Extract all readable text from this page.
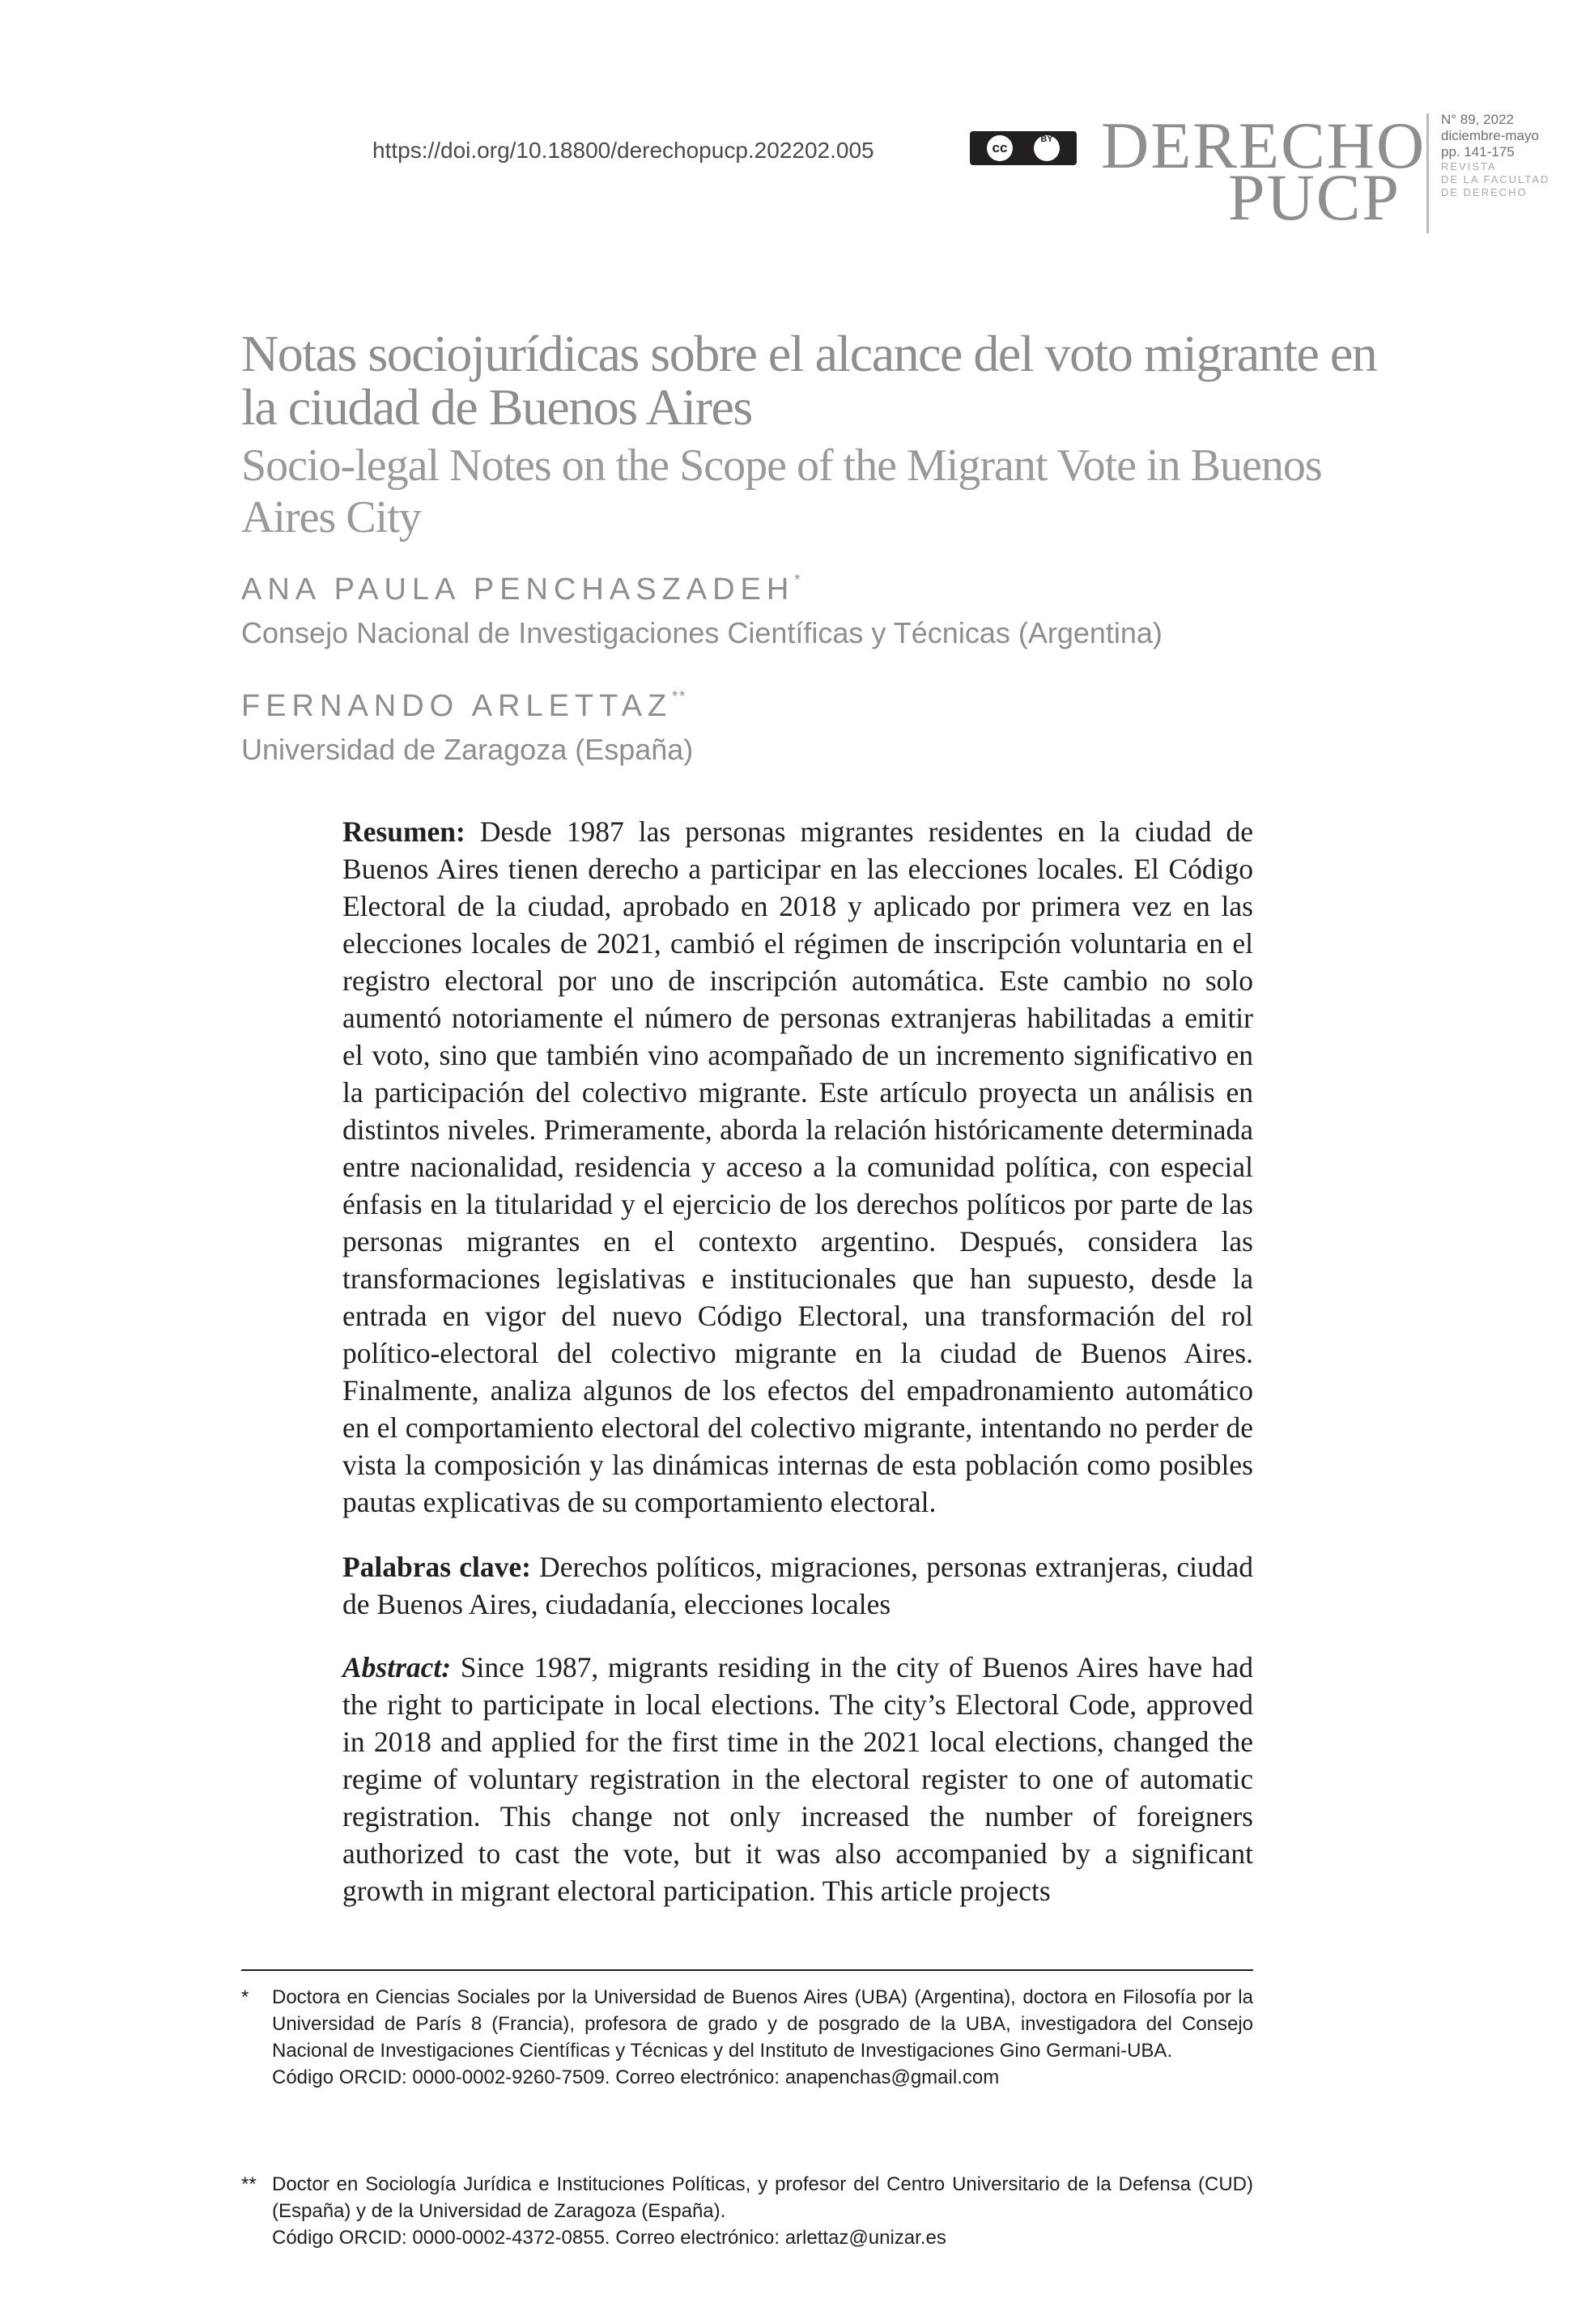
https://doi.org/10.18800/derechopucp.202202.005	cc
BY DERECHO
PUCP
N° 89, 2022
diciembre-mayo
pp. 141-175
REVISTA
DE LA FACULTAD
DE DERECHO
Notas sociojurídicas sobre el alcance del voto migrante en la ciudad de Buenos Aires
Socio-legal Notes on the Scope of the Migrant Vote in Buenos Aires City
ANA PAULA PENCHASZADEH*
Consejo Nacional de Investigaciones Científicas y Técnicas (Argentina)
FERNANDO ARLETTAZ**
Universidad de Zaragoza (España)
Resumen: Desde 1987 las personas migrantes residentes en la ciudad de Buenos Aires tienen derecho a participar en las elecciones locales. El Código Electoral de la ciudad, aprobado en 2018 y aplicado por primera vez en las elecciones locales de 2021, cambió el régimen de inscripción voluntaria en el registro electoral por uno de inscripción automática. Este cambio no solo aumentó notoriamente el número de personas extranjeras habilitadas a emitir el voto, sino que también vino acompañado de un incremento significativo en la participación del colectivo migrante. Este artículo proyecta un análisis en distintos niveles. Primeramente, aborda la relación históricamente determinada entre nacionalidad, residencia y acceso a la comunidad política, con especial énfasis en la titularidad y el ejercicio de los derechos políticos por parte de las personas migrantes en el contexto argentino. Después, considera las transformaciones legislativas e institucionales que han supuesto, desde la entrada en vigor del nuevo Código Electoral, una transformación del rol político-electoral del colectivo migrante en la ciudad de Buenos Aires. Finalmente, analiza algunos de los efectos del empadronamiento automático en el comportamiento electoral del colectivo migrante, intentando no perder de vista la composición y las dinámicas internas de esta población como posibles pautas explicativas de su comportamiento electoral.
Palabras clave: Derechos políticos, migraciones, personas extranjeras, ciudad de Buenos Aires, ciudadanía, elecciones locales
Abstract: Since 1987, migrants residing in the city of Buenos Aires have had the right to participate in local elections. The city’s Electoral Code, approved in 2018 and applied for the first time in the 2021 local elections, changed the regime of voluntary registration in the electoral register to one of automatic registration. This change not only increased the number of foreigners authorized to cast the vote, but it was also accompanied by a significant growth in migrant electoral participation. This article projects
* Doctora en Ciencias Sociales por la Universidad de Buenos Aires (UBA) (Argentina), doctora en Filosofía por la Universidad de París 8 (Francia), profesora de grado y de posgrado de la UBA, investigadora del Consejo Nacional de Investigaciones Científicas y Técnicas y del Instituto de Investigaciones Gino Germani-UBA.
Código ORCID: 0000-0002-9260-7509. Correo electrónico: anapenchas@gmail.com
** Doctor en Sociología Jurídica e Instituciones Políticas, y profesor del Centro Universitario de la Defensa (CUD) (España) y de la Universidad de Zaragoza (España).
Código ORCID: 0000-0002-4372-0855. Correo electrónico: arlettaz@unizar.es
